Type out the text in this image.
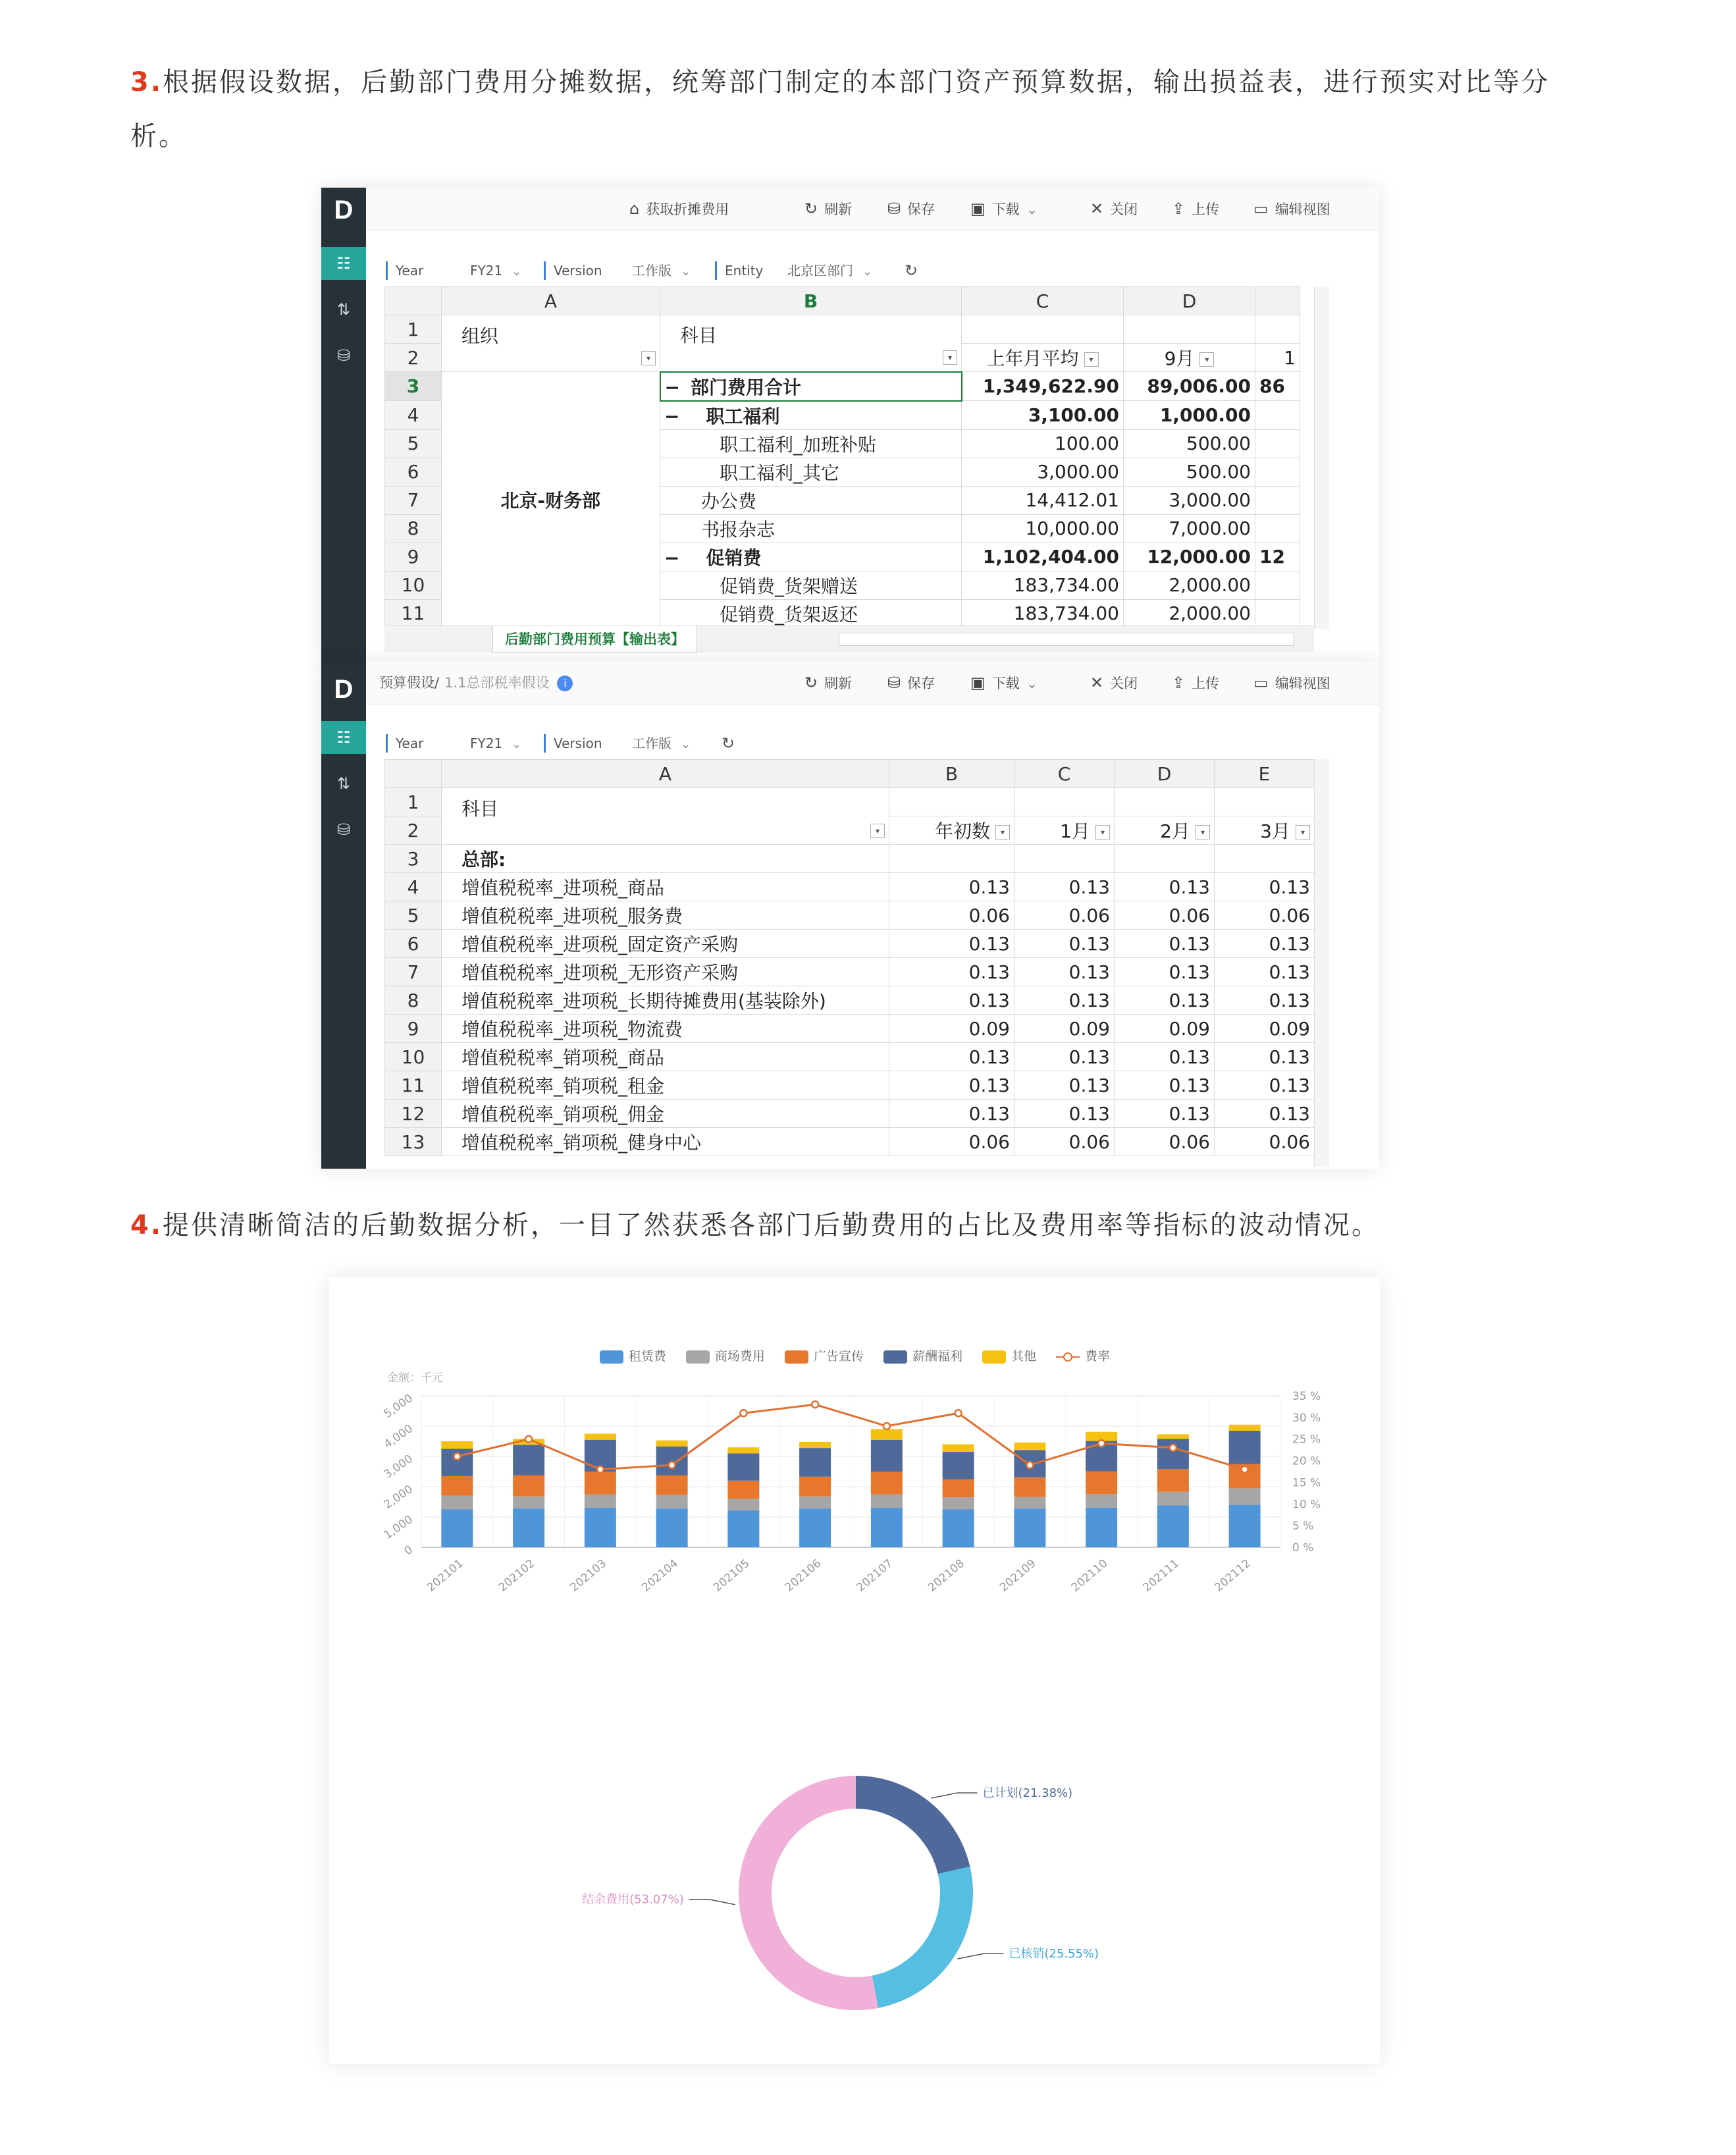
3.根据假设数据，后勤部门费用分摊数据，统筹部门制定的本部门资产预算数据，输出损益表，进行预实对比等分析。
D
☷
⇅
⛁
⌂ 获取折摊费用	↻ 刷新 ⛁ 保存 ▣ 下载 ⌄	✕ 关闭 ⇪ 上传 ▭ 编辑视图
Year	FY21 ⌄	Version 工作版 ⌄	Entity 北京区部门 ⌄ ↻
	A	B	C	D	
1	组织
▾	科目
▾			

2			上年月平均 ▾	9月 ▾	1
3	北京-财务部	− 部门费用合计	1,349,622.90	89,006.00	86
4		− 职工福利	3,100.00	1,000.00	
5		职工福利_加班补贴	100.00	500.00	
6		职工福利_其它	3,000.00	500.00	
7		办公费	14,412.01	3,000.00	
8		书报杂志	10,000.00	7,000.00	
9		− 促销费	1,102,404.00	12,000.00	12
10		促销费_货架赠送	183,734.00	2,000.00	
11		促销费_货架返还	183,734.00	2,000.00	
后勤部门费用预算【输出表】
D
☷
⇅
⛁
预算假设/ 1.1总部税率假设 i	↻ 刷新 ⛁ 保存 ▣ 下载 ⌄	✕ 关闭 ⇪ 上传 ▭ 编辑视图
Year	FY21 ⌄	Version 工作版 ⌄ ↻
	A	B	C	D	E
1	科目
▾				

2		年初数 ▾	1月 ▾	2月 ▾	3月 ▾
3	总部:				
4	增值税税率_进项税_商品	0.13	0.13	0.13	0.13
5	增值税税率_进项税_服务费	0.06	0.06	0.06	0.06
6	增值税税率_进项税_固定资产采购	0.13	0.13	0.13	0.13
7	增值税税率_进项税_无形资产采购	0.13	0.13	0.13	0.13
8	增值税税率_进项税_长期待摊费用(基装除外)	0.13	0.13	0.13	0.13
9	增值税税率_进项税_物流费	0.09	0.09	0.09	0.09
10	增值税税率_销项税_商品	0.13	0.13	0.13	0.13
11	增值税税率_销项税_租金	0.13	0.13	0.13	0.13
12	增值税税率_销项税_佣金	0.13	0.13	0.13	0.13
13	增值税税率_销项税_健身中心	0.06	0.06	0.06	0.06
4.提供清晰简洁的后勤数据分析，一目了然获悉各部门后勤费用的占比及费用率等指标的波动情况。
租赁费	商场费用	广告宣传	薪酬福利	其他	费率
金额：千元
0
1,000
2,000
3,000
4,000
5,000
0 %
5 %
10 %
15 %
20 %
25 %
30 %
35 %
202101	202102	202103	202104	202105	202106	202107	202108	202109	202110	202111	202112
已计划(21.38%)
已核销(25.55%)
结余费用(53.07%)
